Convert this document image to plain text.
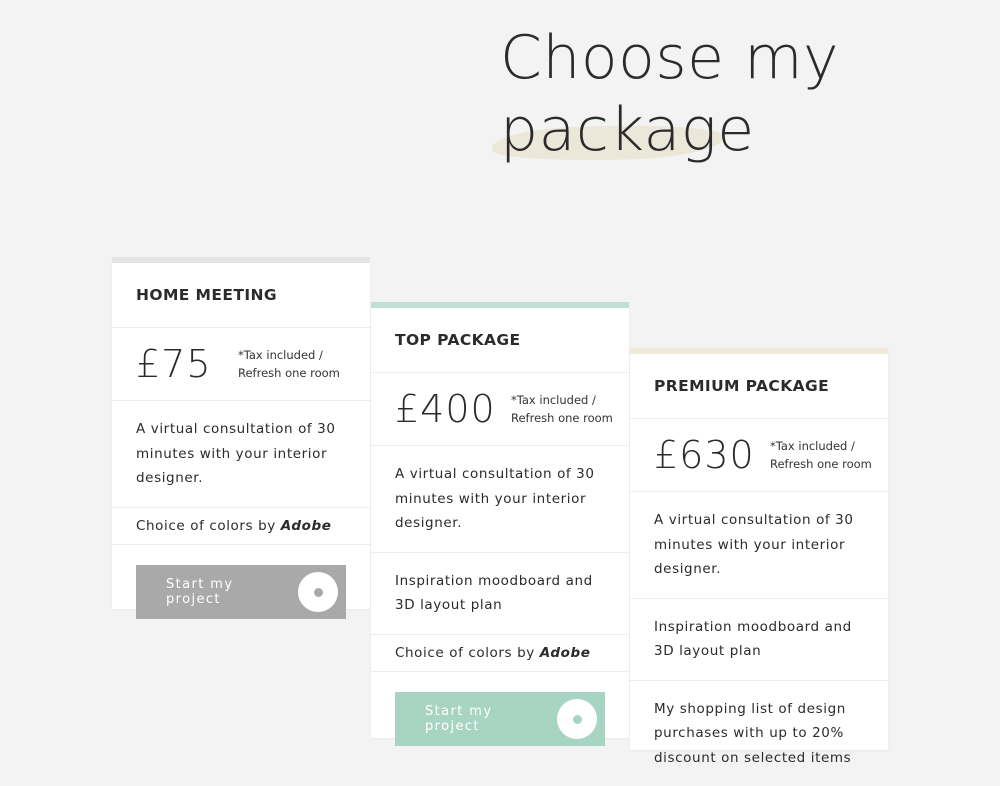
Choose my
package
HOME MEETING
£75	*Tax included /
Refresh one room
A virtual consultation of 30 minutes with your interior designer.
Choice of colors by Adobe
Start my
project
TOP PACKAGE
£400	*Tax included /
Refresh one room
A virtual consultation of 30 minutes with your interior designer.
Inspiration moodboard and 3D layout plan
Choice of colors by Adobe
Start my
project
PREMIUM PACKAGE
£630	*Tax included /
Refresh one room
A virtual consultation of 30 minutes with your interior designer.
Inspiration moodboard and 3D layout plan
My shopping list of design purchases with up to 20% discount on selected items
